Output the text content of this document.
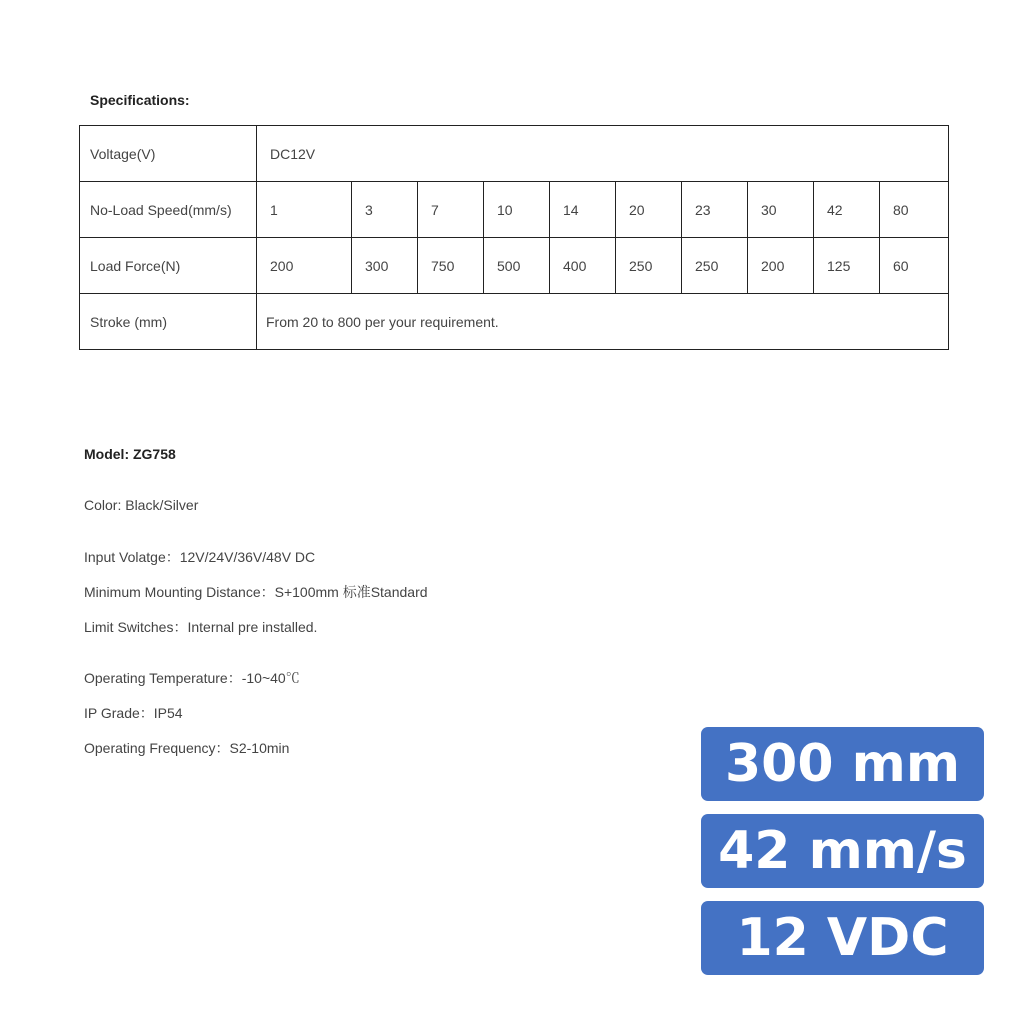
Specifications:
Voltage(V)	DC12V									
No-Load Speed(mm/s)	1	3	7	10	14	20	23	30	42	80
Load Force(N)	200	300	750	500	400	250	250	200	125	60
Stroke (mm)	From 20 to 800 per your requirement.									
Model: ZG758
Color: Black/Silver
Input Volatge：12V/24V/36V/48V DC
Minimum Mounting Distance：S+100mm 标准Standard
Limit Switches：Internal pre installed.
Operating Temperature：-10~40℃
IP Grade：IP54
Operating Frequency：S2-10min	300 mm
42 mm/s
12 VDC
